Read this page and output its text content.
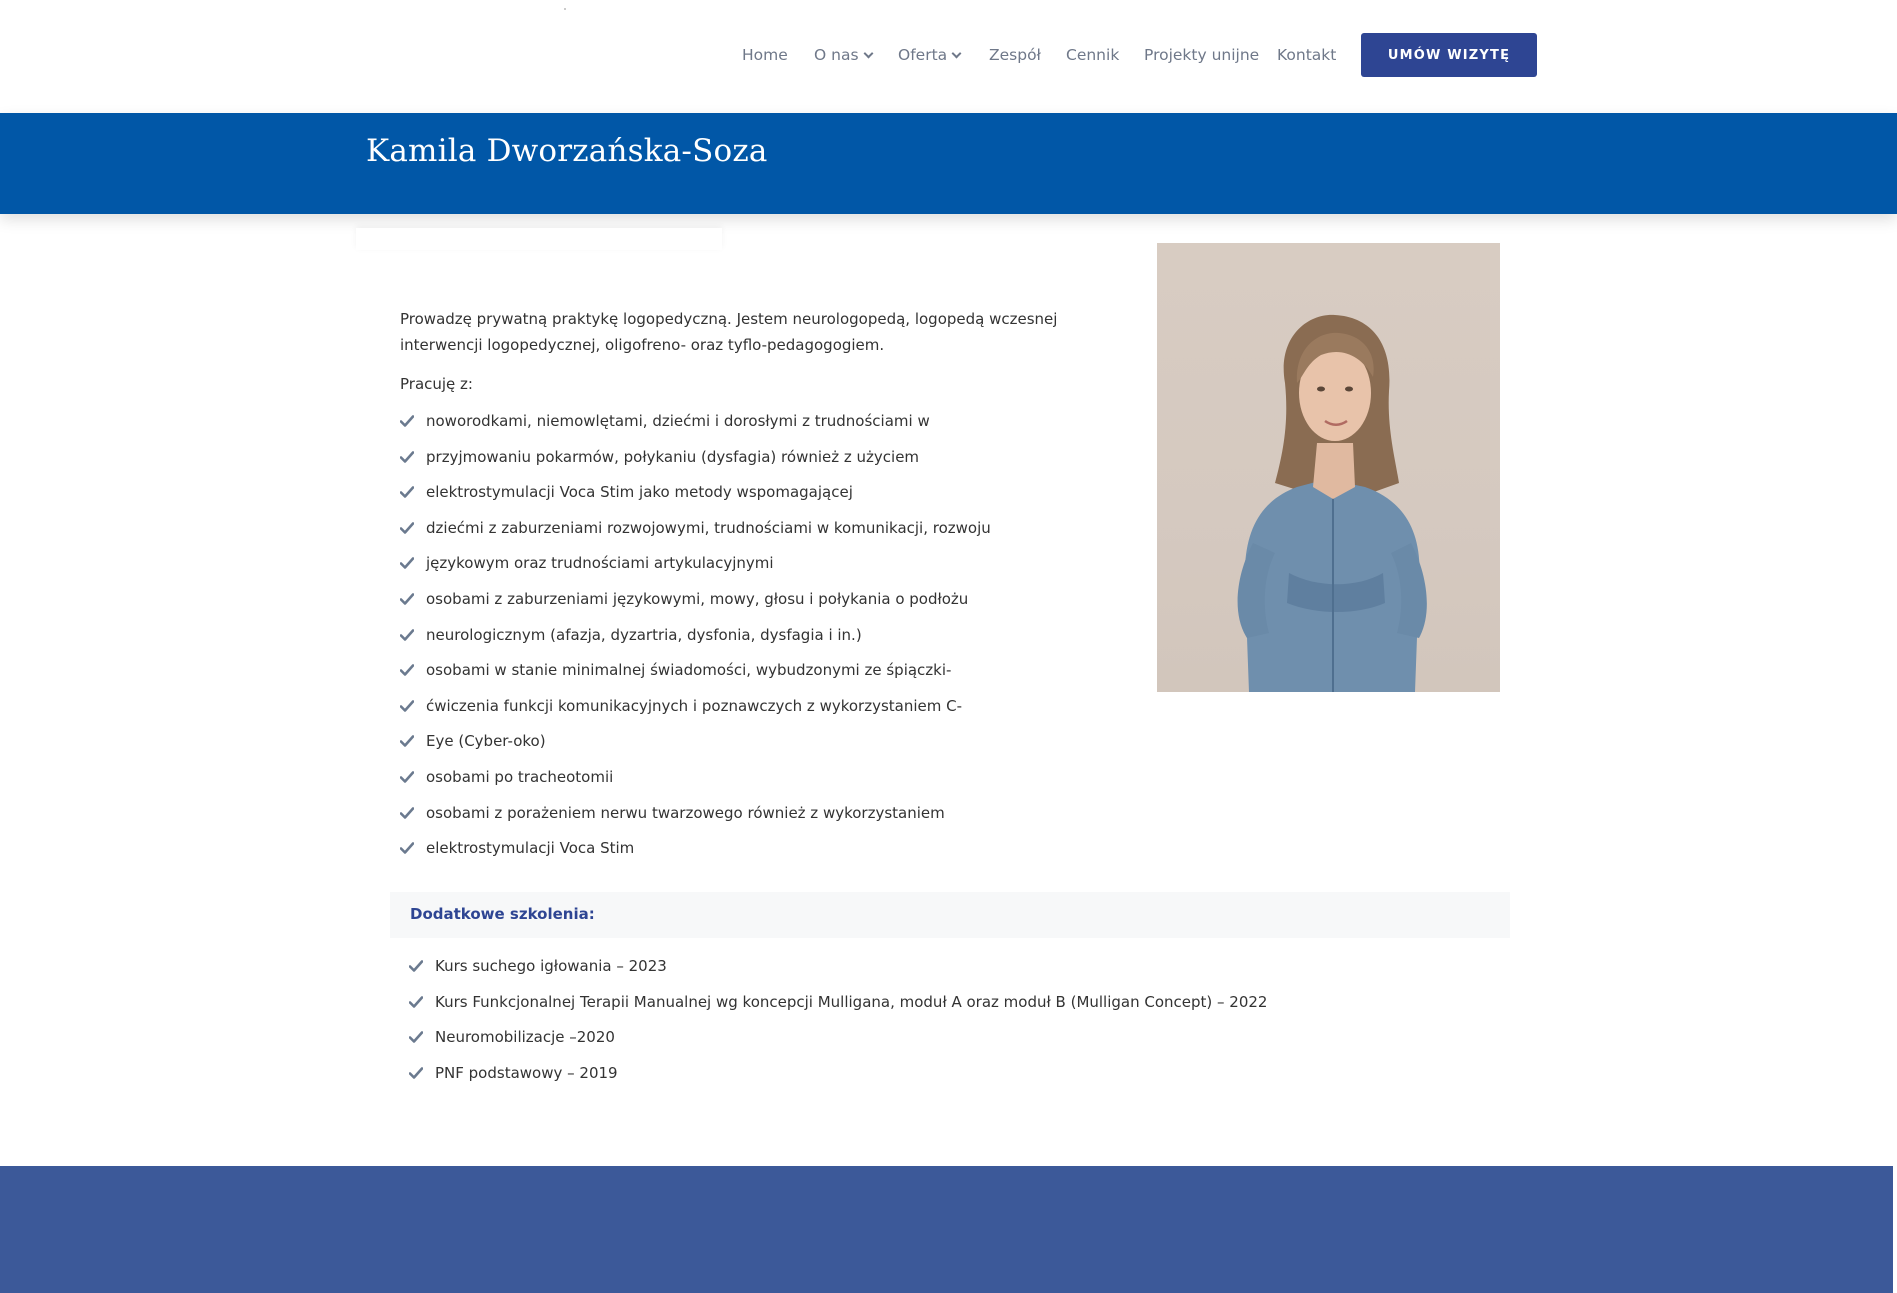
Home O nas	Oferta	Zespół Cennik Projekty unijne Kontakt	UMÓW WIZYTĘ
Kamila Dworzańska-Soza

Prowadzę prywatną praktykę logopedyczną. Jestem neurologopedą, logopedą wczesnej interwencji logopedycznej, oligofreno- oraz tyflo-pedagogogiem.

Pracuję z:

noworodkami, niemowlętami, dziećmi i dorosłymi z trudnościami w
przyjmowaniu pokarmów, połykaniu (dysfagia) również z użyciem
elektrostymulacji Voca Stim jako metody wspomagającej
dziećmi z zaburzeniami rozwojowymi, trudnościami w komunikacji, rozwoju
językowym oraz trudnościami artykulacyjnymi
osobami z zaburzeniami językowymi, mowy, głosu i połykania o podłożu
neurologicznym (afazja, dyzartria, dysfonia, dysfagia i in.)
osobami w stanie minimalnej świadomości, wybudzonymi ze śpiączki-
ćwiczenia funkcji komunikacyjnych i poznawczych z wykorzystaniem C-
Eye (Cyber-oko)
osobami po tracheotomii
osobami z porażeniem nerwu twarzowego również z wykorzystaniem
elektrostymulacji Voca Stim
Dodatkowe szkolenia:
Kurs suchego igłowania – 2023
Kurs Funkcjonalnej Terapii Manualnej wg koncepcji Mulligana, moduł A oraz moduł B (Mulligan Concept) – 2022
Neuromobilizacje –2020
PNF podstawowy – 2019
